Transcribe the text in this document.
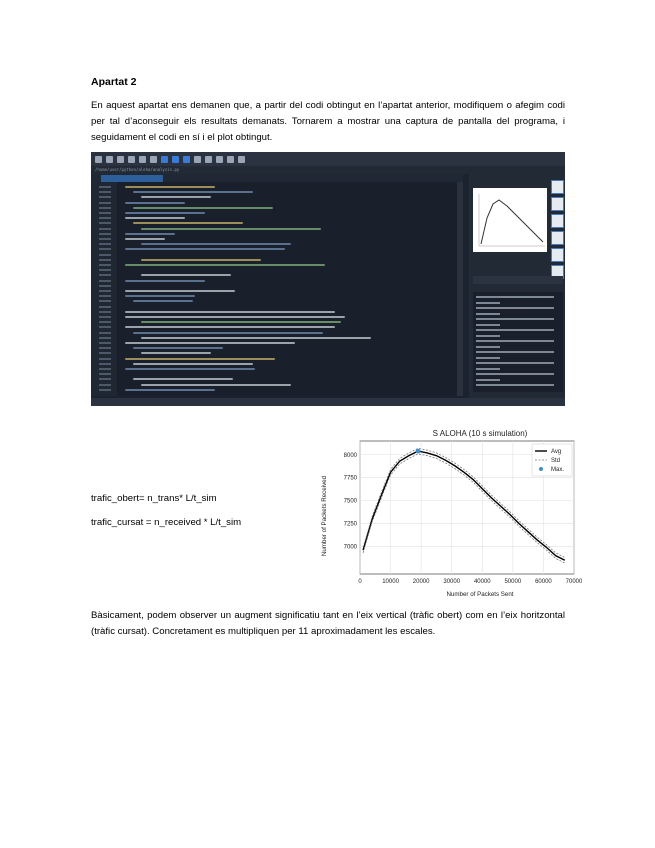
Apartat 2
En aquest apartat ens demanen que, a partir del codi obtingut en l’apartat anterior, modifiquem o afegim codi per tal d’aconseguir els resultats demanats. Tornarem a mostrar una captura de pantalla del programa, i seguidament el codi en sí i el plot obtingut.
/home/user/python/aloha/analysis.py
trafic_obert= n_trans* L/t_sim
trafic_cursat = n_received * L/t_sim
S ALOHA (10 s simulation)
Number of Packets Sent
Number of Packets Received
0	10000 20000 30000 40000 50000 60000 70000
7000
7250
7500
7750
8000
Avg
Std
Max.
Bàsicament, podem observer un augment significatiu tant en l’eix vertical (tràfic obert) com en l’eix horitzontal (tràfic cursat). Concretament es multipliquen per 11 aproximadament les escales.
